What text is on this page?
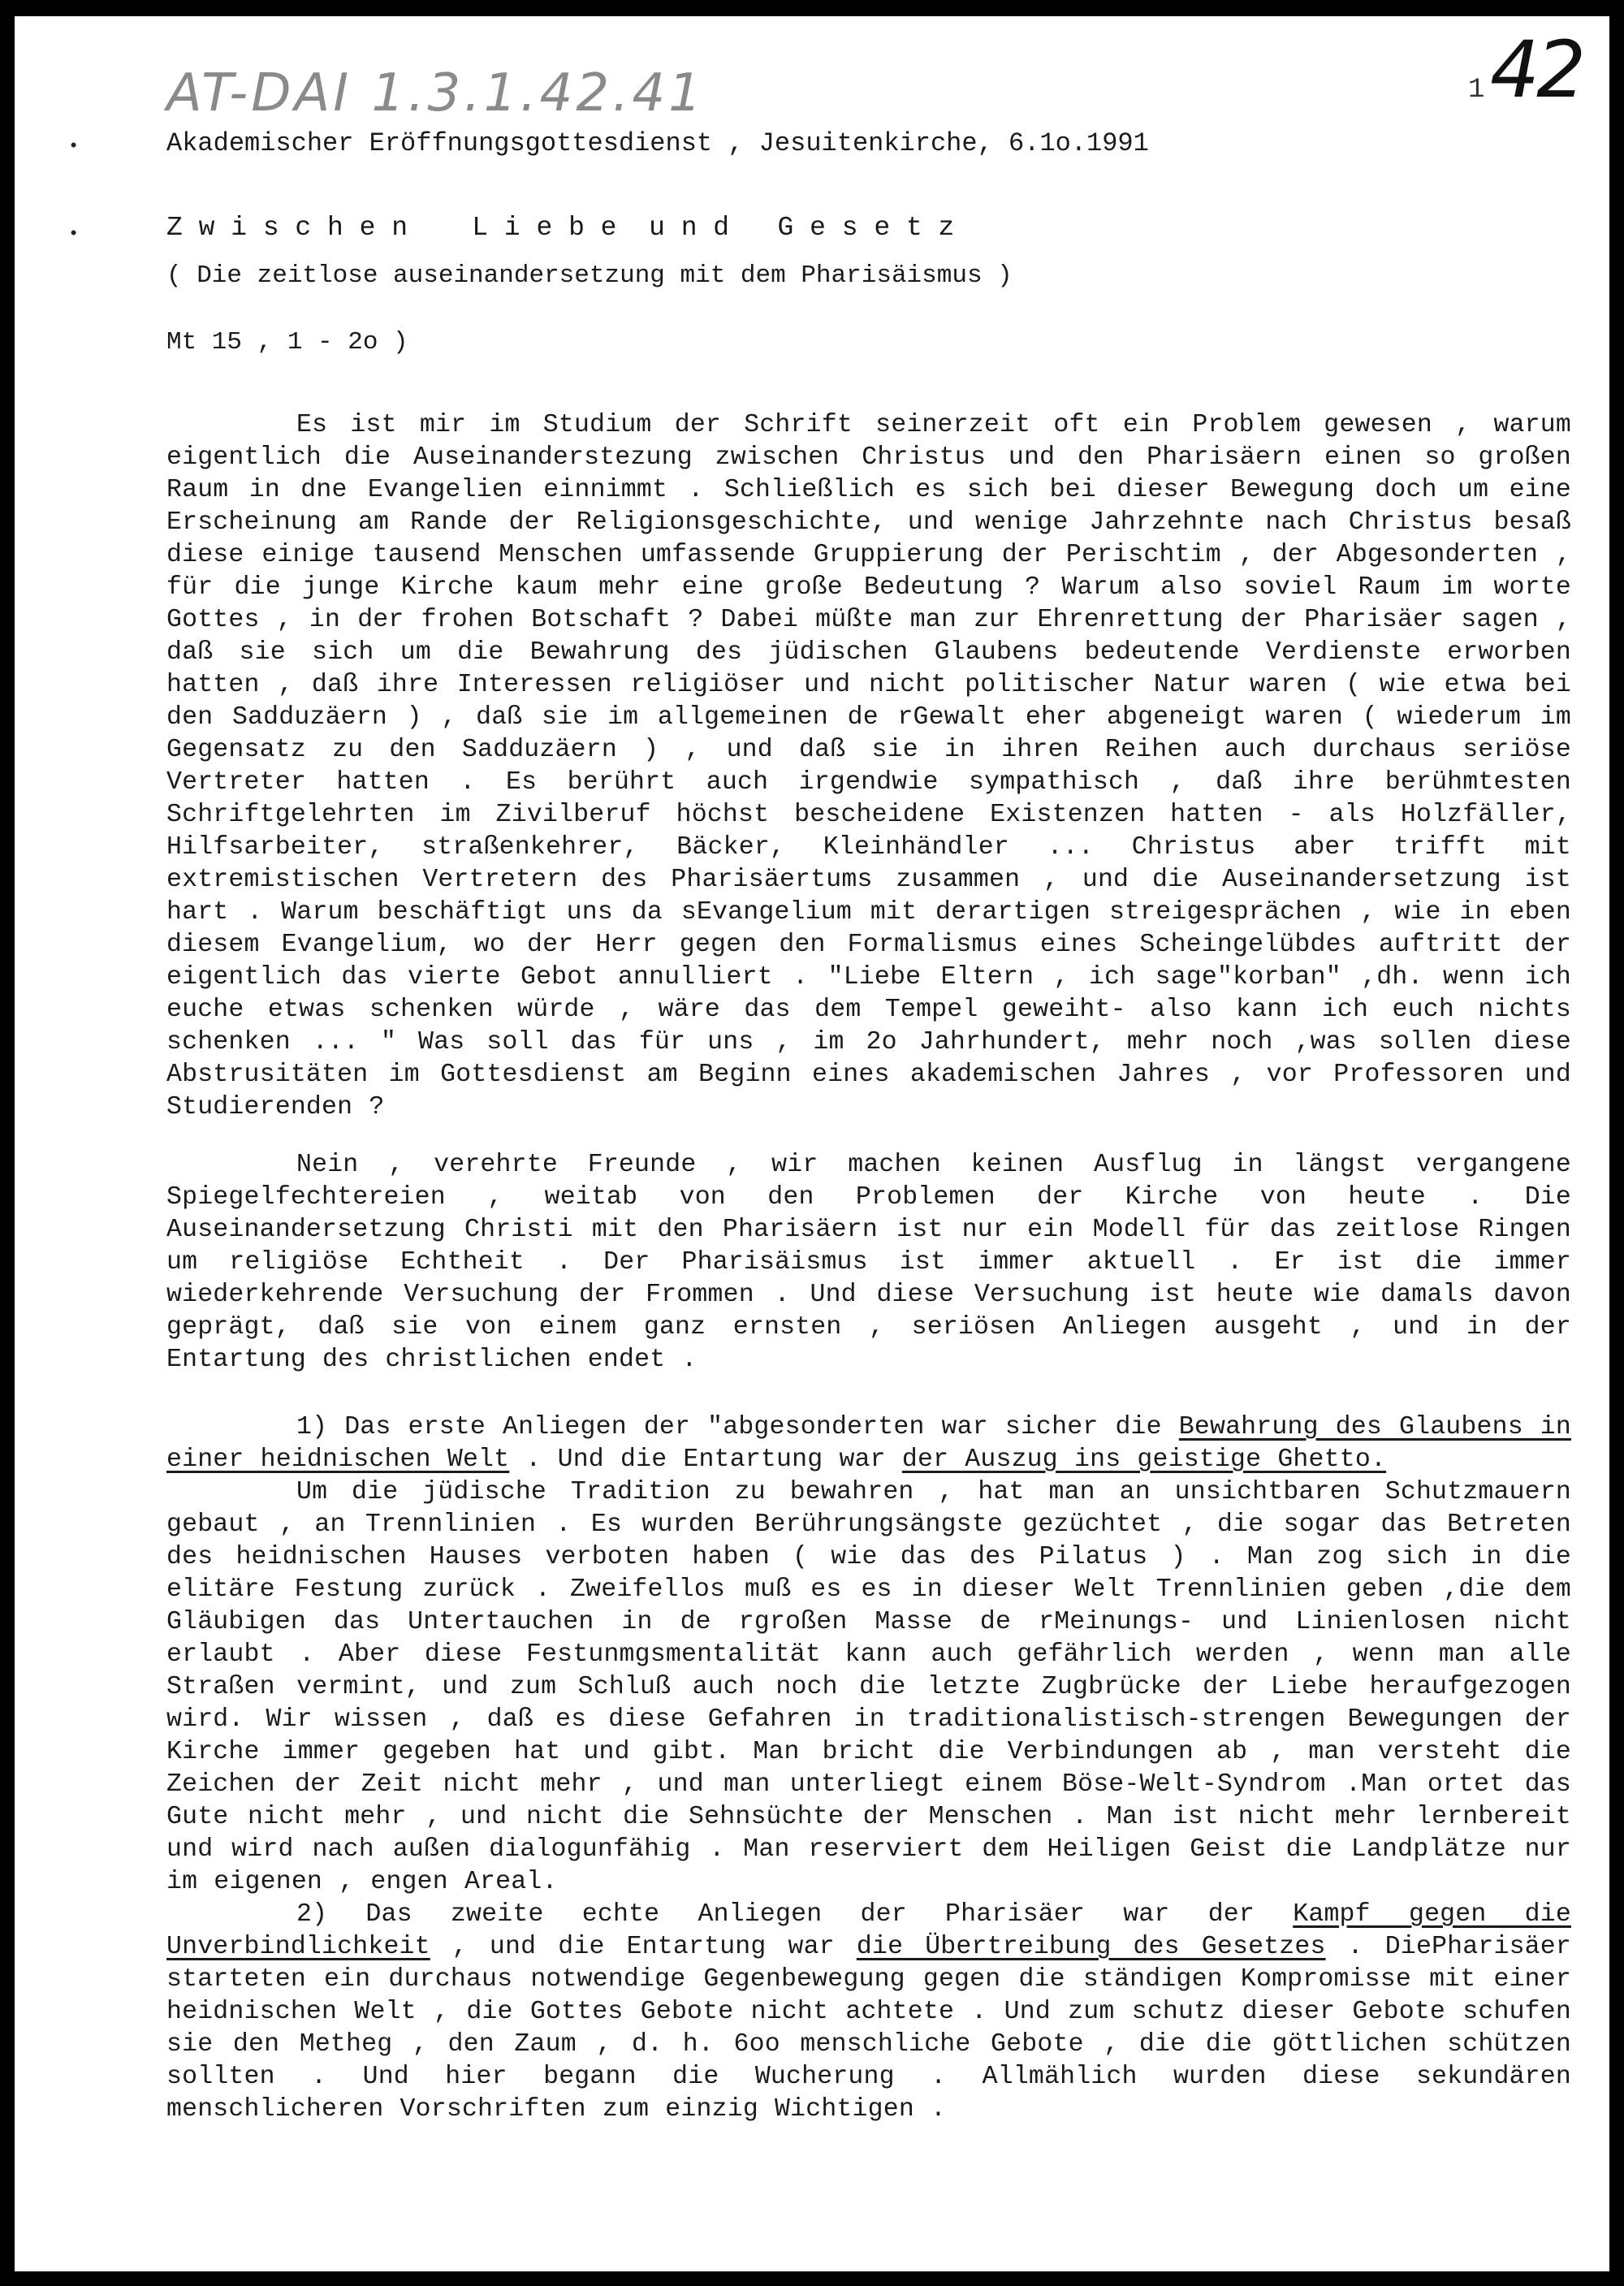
AT-DAI 1.3.1.42.41	1 42
•
•
Akademischer Eröffnungsgottesdienst , Jesuitenkirche, 6.1o.1991
Z w i s c h e n    L i e b e  u n d   G e s e t z
( Die zeitlose auseinandersetzung mit dem Pharisäismus )
Mt 15 , 1 - 2o )

Es ist mir im Studium der Schrift seinerzeit oft ein Problem gewesen , warum eigentlich die Auseinanderstezung zwischen Christus und den Pharisäern einen so großen Raum in dne Evangelien einnimmt . Schließlich es sich bei dieser Bewegung doch um eine Erscheinung am Rande der Religionsgeschichte, und wenige Jahrzehnte nach Christus besaß diese einige tausend Menschen umfassende Gruppierung der Perischtim , der Abgesonderten , für die junge Kirche kaum mehr eine große Bedeutung ? Warum also soviel Raum im worte Gottes , in der frohen Botschaft ? Dabei müßte man zur Ehrenrettung der Pharisäer sagen , daß sie sich um die Bewahrung des jüdischen Glaubens bedeutende Verdienste erworben hatten , daß ihre Interessen religiöser und nicht politischer Natur waren ( wie etwa bei den Sadduzäern ) , daß sie im allgemeinen de rGewalt eher abgeneigt waren ( wiederum im Gegensatz zu den Sadduzäern ) , und daß sie in ihren Reihen auch durchaus seriöse Vertreter hatten . Es berührt auch irgendwie sympathisch , daß ihre berühmtesten Schriftgelehrten im Zivilberuf höchst bescheidene Existenzen hatten - als Holzfäller, Hilfsarbeiter, straßenkehrer, Bäcker, Kleinhändler ... Christus aber trifft mit extremistischen Vertretern des Pharisäertums zusammen , und die Auseinandersetzung ist hart . Warum beschäftigt uns da sEvangelium mit derartigen streigesprächen , wie in eben diesem Evangelium, wo der Herr gegen den Formalismus eines Scheingelübdes auftritt der eigentlich das vierte Gebot annulliert . "Liebe Eltern , ich sage"korban" ,dh. wenn ich euche etwas schenken würde , wäre das dem Tempel geweiht- also kann ich euch nichts schenken ... " Was soll das für uns , im 2o Jahrhundert, mehr noch ,was sollen diese Abstrusitäten im Gottesdienst am Beginn eines akademischen Jahres , vor Professoren und Studierenden ?

Nein , verehrte Freunde , wir machen keinen Ausflug in längst vergangene Spiegelfechtereien , weitab von den Problemen der Kirche von heute . Die Auseinandersetzung Christi mit den Pharisäern ist nur ein Modell für das zeitlose Ringen um religiöse Echtheit . Der Pharisäismus ist immer aktuell . Er ist die immer wiederkehrende Versuchung der Frommen . Und diese Versuchung ist heute wie damals davon geprägt, daß sie von einem ganz ernsten , seriösen Anliegen ausgeht , und in der Entartung des christlichen endet .

1) Das erste Anliegen der "abgesonderten war sicher die Bewahrung des Glaubens in einer heidnischen Welt . Und die Entartung war der Auszug ins geistige Ghetto.

Um die jüdische Tradition zu bewahren , hat man an unsichtbaren Schutzmauern gebaut , an Trennlinien . Es wurden Berührungsängste gezüchtet , die sogar das Betreten des heidnischen Hauses verboten haben ( wie das des Pilatus ) . Man zog sich in die elitäre Festung zurück . Zweifellos muß es es in dieser Welt Trennlinien geben ,die dem Gläubigen das Untertauchen in de rgroßen Masse de rMeinungs- und Linienlosen nicht erlaubt . Aber diese Festunmgsmentalität kann auch gefährlich werden , wenn man alle Straßen vermint, und zum Schluß auch noch die letzte Zugbrücke der Liebe heraufgezogen wird. Wir wissen , daß es diese Gefahren in traditionalistisch-strengen Bewegungen der Kirche immer gegeben hat und gibt. Man bricht die Verbindungen ab , man versteht die Zeichen der Zeit nicht mehr , und man unterliegt einem Böse-Welt-Syndrom .Man ortet das Gute nicht mehr , und nicht die Sehnsüchte der Menschen . Man ist nicht mehr lernbereit und wird nach außen dialogunfähig . Man reserviert dem Heiligen Geist die Landplätze nur im eigenen , engen Areal.

2) Das zweite echte Anliegen der Pharisäer war der Kampf gegen die Unverbindlichkeit , und die Entartung war die Übertreibung des Gesetzes . DiePharisäer starteten ein durchaus notwendige Gegenbewegung gegen die ständigen Kompromisse mit einer heidnischen Welt , die Gottes Gebote nicht achtete . Und zum schutz dieser Gebote schufen sie den Metheg , den Zaum , d. h. 6oo menschliche Gebote , die die göttlichen schützen sollten . Und hier begann die Wucherung . Allmählich wurden diese sekundären menschlicheren Vorschriften zum einzig Wichtigen .
